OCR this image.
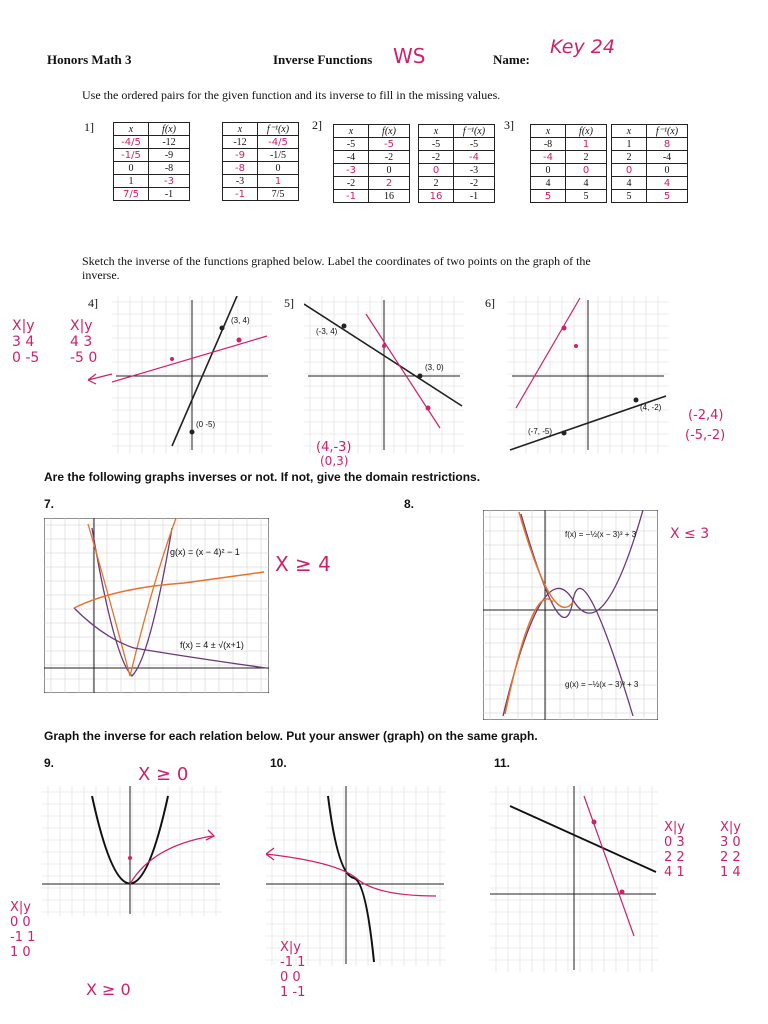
Honors Math 3	Inverse Functions WS	Name:
Key 24
Use the ordered pairs for the given function and its inverse to fill in the missing values.
1]	x	f(x)
-4/5	-12
-1/5	-9
0	-8
1	-3
7/5	-1
x	f⁻¹(x)
-12	-4/5
-9	-1/5
-8	0
-3	1
-1	7/5
2]	x	f(x)
-5	-5
-4	-2
-3	0
-2	2
-1	16
x	f⁻¹(x)
-5	-5
-2	-4
0	-3
2	-2
16	-1
3]	x	f(x)
-8	1
-4	2
0	0
4	4
5	5
x	f⁻¹(x)
1	8
2	-4
0	0
4	4
5	5
Sketch the inverse of the functions graphed below. Label the coordinates of two points on the graph of the
inverse.
4]
(3, 4)
(0 -5)
X|y
3 4
0 -5
X|y
4 3
-5 0
5]
(-3, 4)
(3, 0)
(4,-3)
(0,3)
6]
(-7, -5)
(4, -2)
(-2,4)
(-5,-2)
Are the following graphs inverses or not. If not, give the domain restrictions.
7.
g(x) = (x − 4)² − 1
f(x) = 4 ± √(x+1)
X ≥ 4
8.
f(x) = −½(x − 3)³ + 3
g(x) = −½(x − 3)³ + 3
X ≤ 3
Graph the inverse for each relation below. Put your answer (graph) on the same graph.
9.
X ≥ 0
X|y
0 0
-1 1
1 0
X ≥ 0
10.
X|y
-1 1
0 0
1 -1
11.
X|y
0 3
2 2
4 1
X|y
3 0
2 2
1 4
